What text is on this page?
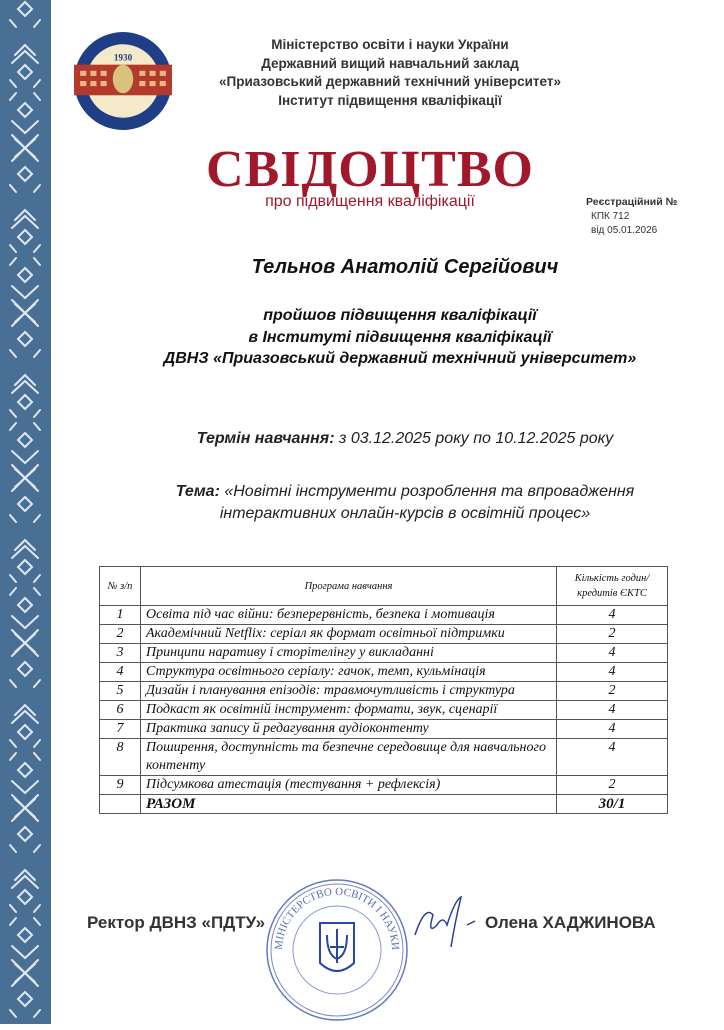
1930
Міністерство освіти і науки України
Державний вищий навчальний заклад
«Приазовський державний технічний університет»
Інститут підвищення кваліфікації
СВІДОЦТВО
про підвищення кваліфікації	Реєстраційний №
КПК 712
від 05.01.2026
Тельнов Анатолій Сергійович
пройшов підвищення кваліфікації
в Інституті підвищення кваліфікації
ДВНЗ «Приазовський державний технічний університет»
Термін навчання: з 03.12.2025 року по 10.12.2025 року
Тема: «Новітні інструменти розроблення та впровадження
інтерактивних онлайн-курсів в освітній процес»
№ з/п	Програма навчання	Кількість годин/ кредитів ЄКТС
1	Освіта під час війни: безперервність, безпека і мотивація	4
2	Академічний Netflix: серіал як формат освітньої підтримки	2
3	Принципи наративу і сторітелінгу у викладанні	4
4	Структура освітнього серіалу: гачок, темп, кульмінація	4
5	Дизайн і планування епізодів: травмочутливість і структура	2
6	Подкаст як освітній інструмент: формати, звук, сценарії	4
7	Практика запису й редагування аудіоконтенту	4
8	Поширення, доступність та безпечне середовище для навчального контенту	4
9	Підсумкова атестація (тестування + рефлексія)	2
	РАЗОМ	30/1
Ректор ДВНЗ «ПДТУ»	Олена ХАДЖИНОВА
МІНІСТЕРСТВО ОСВІТИ І НАУКИ
